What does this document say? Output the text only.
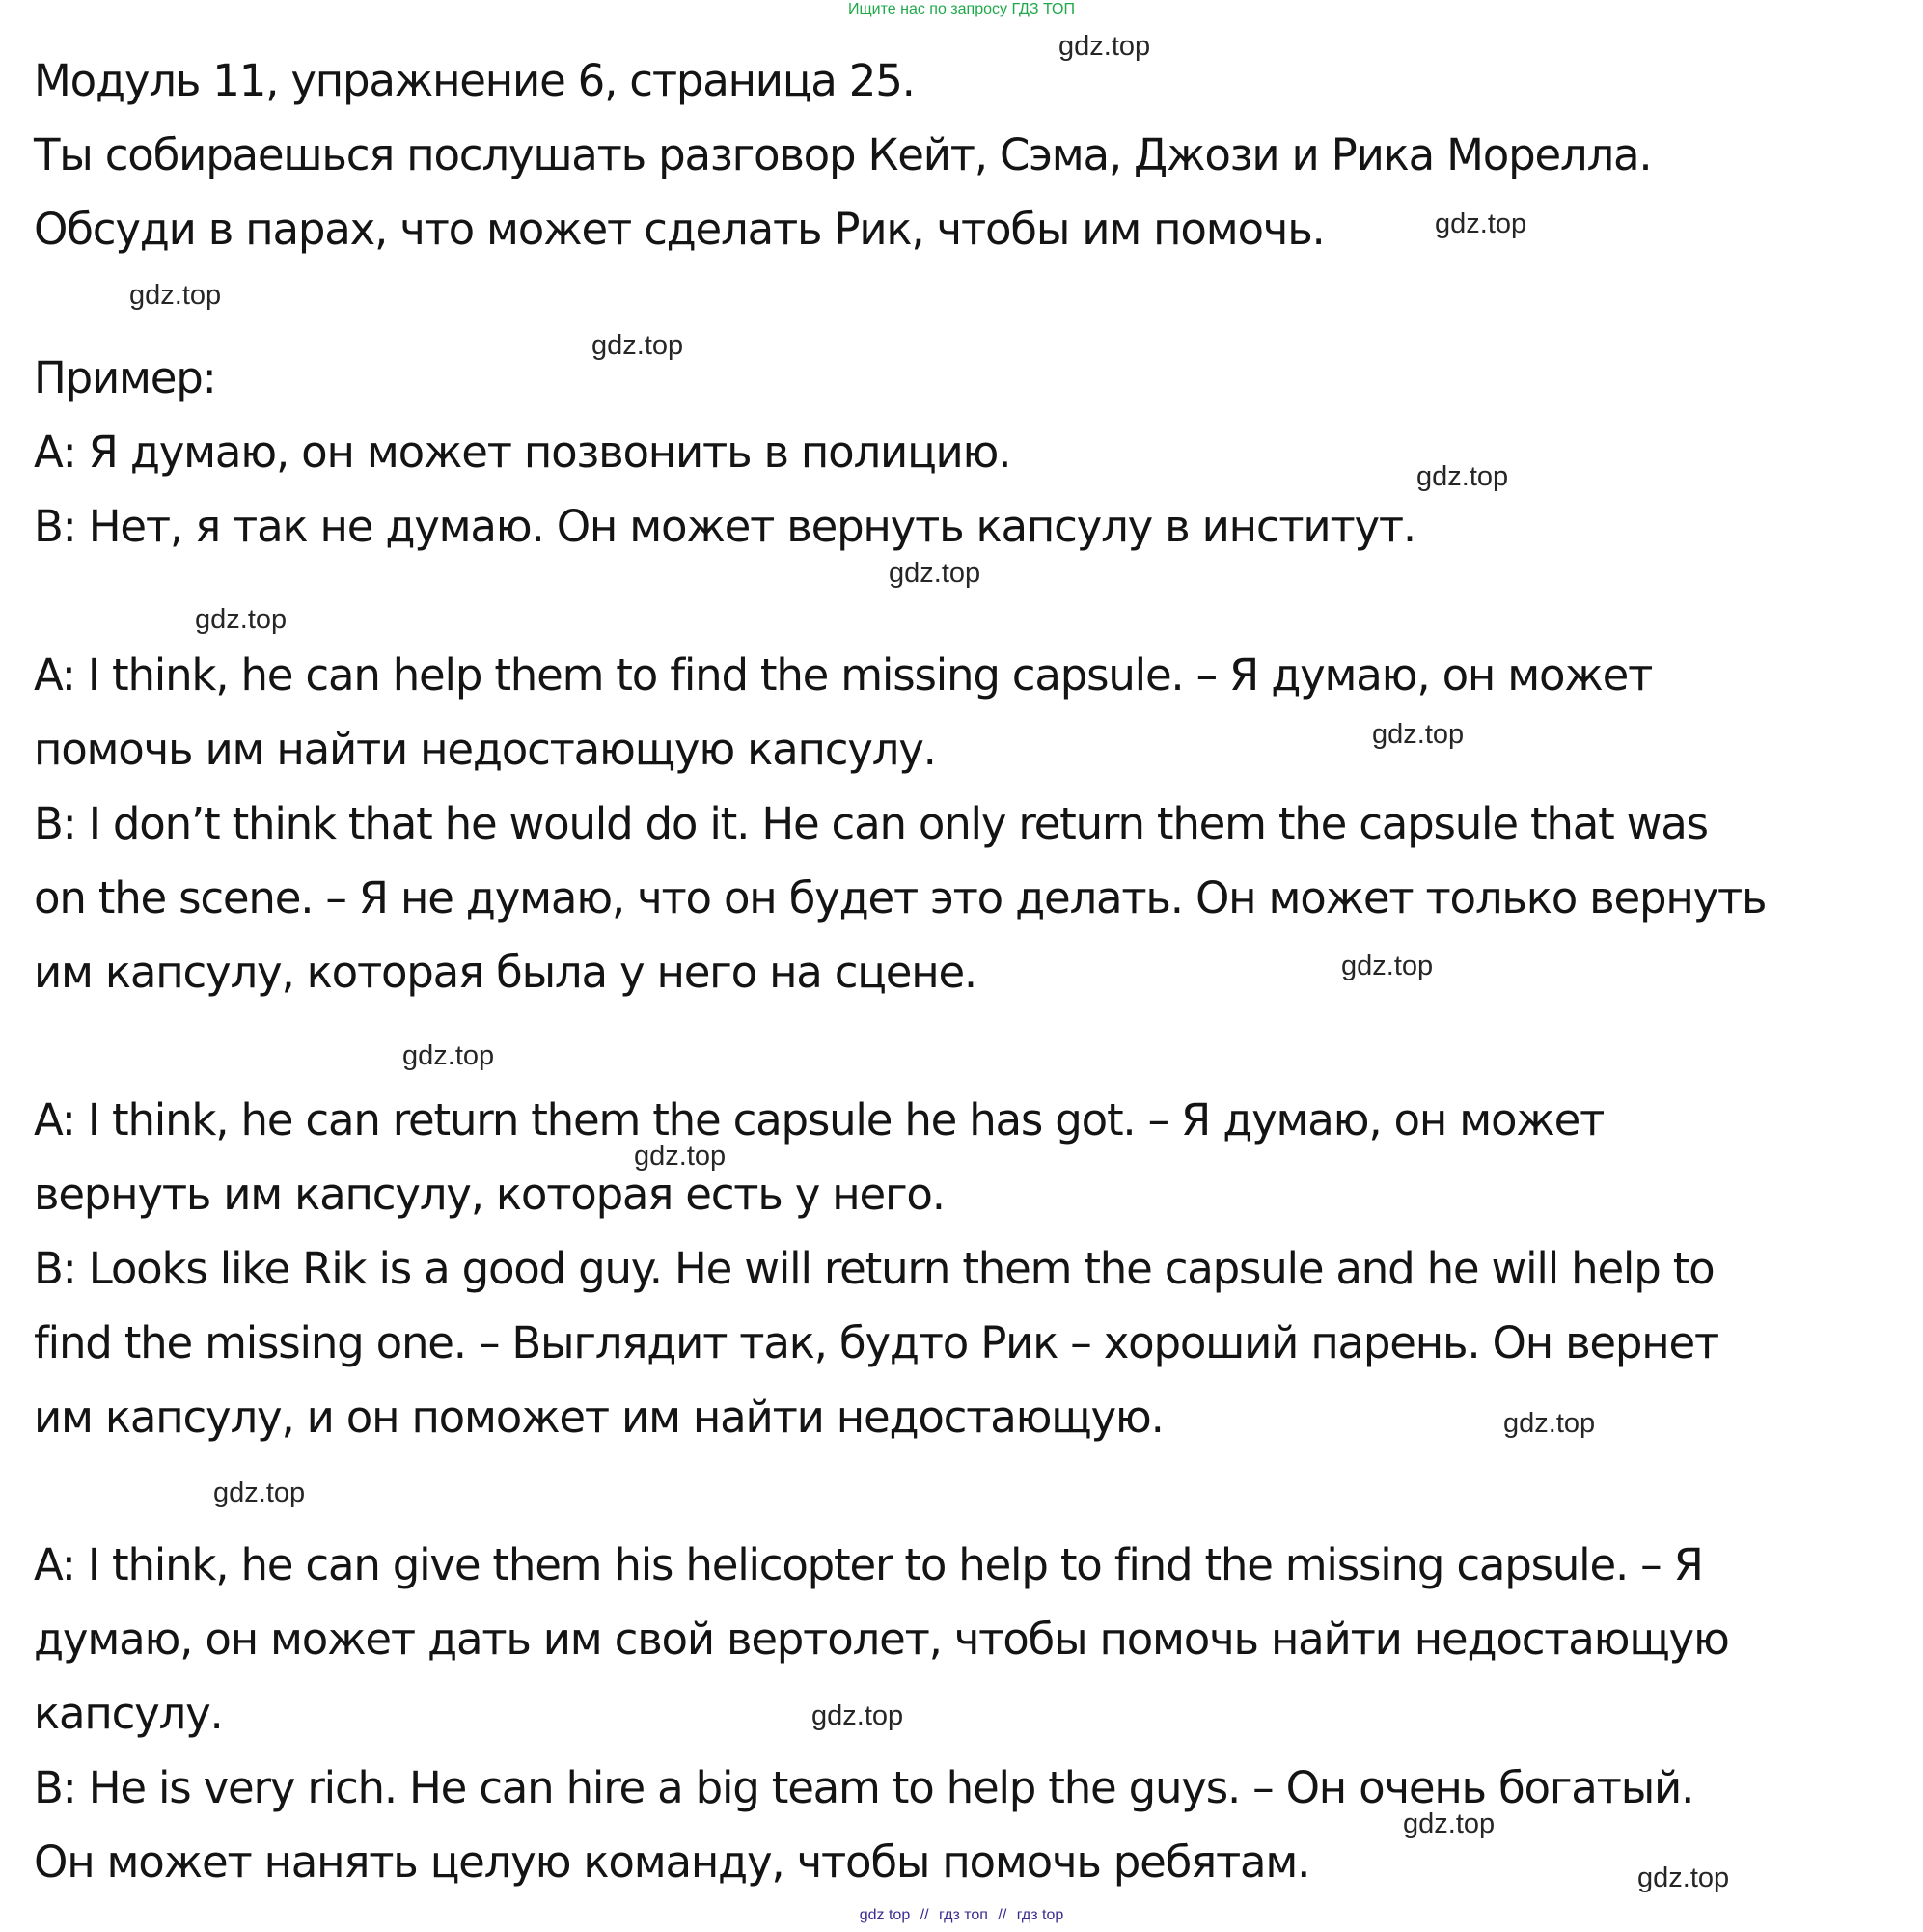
Ищите нас по запросу ГДЗ ТОП
Модуль 11, упражнение 6, страница 25.
Ты собираешься послушать разговор Кейт, Сэма, Джози и Рика Морелла.
Обсуди в парах, что может сделать Рик, чтобы им помочь.
Пример:
А: Я думаю, он может позвонить в полицию.
В: Нет, я так не думаю. Он может вернуть капсулу в институт.
A: I think, he can help them to find the missing capsule. – Я думаю, он может
помочь им найти недостающую капсулу.
B: I don’t think that he would do it. He can only return them the capsule that was
on the scene. – Я не думаю, что он будет это делать. Он может только вернуть
им капсулу, которая была у него на сцене.
A: I think, he can return them the capsule he has got. – Я думаю, он может
вернуть им капсулу, которая есть у него.
B: Looks like Rik is a good guy. He will return them the capsule and he will help to
find the missing one. – Выглядит так, будто Рик – хороший парень. Он вернет
им капсулу, и он поможет им найти недостающую.
A: I think, he can give them his helicopter to help to find the missing capsule. – Я
думаю, он может дать им свой вертолет, чтобы помочь найти недостающую
капсулу.
B: He is very rich. He can hire a big team to help the guys. – Он очень богатый.
Он может нанять целую команду, чтобы помочь ребятам.
gdz.top
gdz.top
gdz.top
gdz.top
gdz.top
gdz.top
gdz.top
gdz.top
gdz.top
gdz.top
gdz.top
gdz.top
gdz.top
gdz.top
gdz.top
gdz.top
gdz top // гдз топ // гдз top
